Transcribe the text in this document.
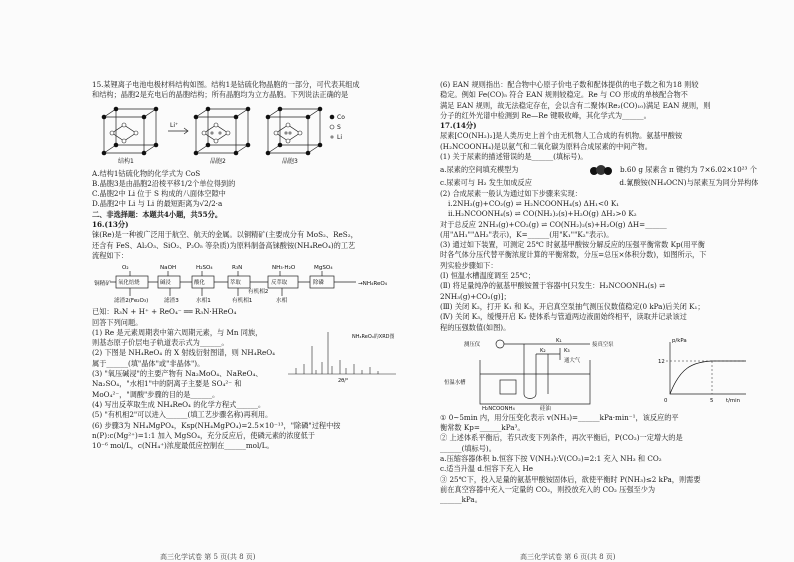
15.某锂离子电池电极材料结构如图。结构1是钴硫化物晶胞的一部分，可代表其组成
和结构；晶胞2是充电后的晶胞结构；所有晶胞均为立方晶胞。下列说法正确的是
Li⁺
结构1	晶胞2	晶胞3
Co
S
Li
A.结构1钴硫化物的化学式为 CoS
B.晶胞3是由晶胞2沿棱平移1/2个单位得到的
C.晶胞2中 Li 位于 S 构成的八面体空隙中
D.晶胞2中 Li 与 Li 的最短距离为√2/2·a
二、非选择题：本题共4小题，共55分。
16.(13分)
铼(Re)是一种被广泛用于航空、航天的金属。以铜精矿(主要成分有 MoS₂、ReS₂，
还含有 FeS、Al₂O₃、SiO₂、P₂O₅ 等杂质)为原料制备高铼酸铵(NH₄ReO₄)的工艺
流程如下：
铜精矿
O₂	NaOH	H₂SO₄	R₃N	NH₃·H₂O	MgSO₄
→NH₄ReO₄
滤渣2(Fe₂O₃)	滤渣3	水相1	有机相1	水相
有机相2
氧化焙烧	碱浸	酸化	萃取	反萃取	除磷
已知：R₃N + H⁺ + ReO₄⁻ ══ R₃N·HReO₄
回答下列问题。
(1) Re 是元素周期表中第六周期元素，与 Mn 同族，
则基态原子价层电子轨道表示式为______。
(2) 下图是 NH₄ReO₄ 的 X 射线衍射图谱，则 NH₄ReO₄
属于______(填"晶体"或"非晶体")。
(3) "氧压碱浸"的主要产物有 Na₂MoO₄、NaReO₄、
Na₂SO₄，"水相1"中的阴离子主要是 SO₄²⁻ 和
MoO₄²⁻，"调酸"步骤的目的是______。
(4) 写出反萃取生成 NH₄ReO₄ 的化学方程式______。
(5) "有机相2"可以进入______(填工艺步骤名称)再利用。
(6) 步骤3为 NH₄MgPO₄，Ksp(NH₄MgPO₄)=2.5×10⁻¹³，"除磷"过程中按
n(P):c(Mg²⁺)=1:1 加入 MgSO₄，充分反应后，使磷元素的浓度低于
10⁻⁶ mol/L，c(NH₄⁺)浓度最低应控制在______mol/L。
2θ/°
NH₄ReO₄的XRD图
(6) EAN 规则指出：配合物中心原子价电子数和配体提供的电子数之和为18 则较
稳定。例如 Fe(CO)₅ 符合 EAN 规则较稳定。Re 与 CO 形成的单核配合物不
满足 EAN 规则，故无法稳定存在，会以含有二聚体(Re₂(CO)₁₀)满足 EAN 规则，则
分子的红外光谱中检测到 Re—Re 键吸收峰，其化学式为______。
17.(14分)
尿素[CO(NH₂)₂]是人类历史上首个由无机物人工合成的有机物。氨基甲酸铵
(H₂NCOONH₄)是以氨气和二氧化碳为原料合成尿素的中间产物。
(1) 关于尿素的描述错误的是______(填标号)。
a.尿素的空间填充模型为	b.60 g 尿素含 π 键约为 7×6.02×10²³ 个
c.尿素可与 H₂ 发生加成反应	d.氰酸铵(NH₄OCN)与尿素互为同分异构体
(2) 合成尿素一般认为通过如下步骤来实现：
ⅰ.2NH₃(g)+CO₂(g) ⇌ H₂NCOONH₄(s) ΔH₁<0 K₁
ⅱ.H₂NCOONH₄(s) ⇌ CO(NH₂)₂(s)+H₂O(g) ΔH₂>0 K₂
对于总反应 2NH₃(g)+CO₂(g) ⇌ CO(NH₂)₂(s)+H₂O(g) ΔH=______
(用"ΔH₁""ΔH₂"表示)，K=______(用"K₁""K₂"表示)。
(3) 通过如下装置，可测定 25℃ 时氨基甲酸铵分解反应的压强平衡常数 Kp(用平衡
时各气体分压代替平衡浓度计算的平衡常数，分压=总压×体积分数)，如图所示，下
列实验步骤如下：
(Ⅰ) 恒温水槽温度调至 25℃；
(Ⅱ) 将足量纯净的氨基甲酸铵置于容器中[只发生：H₂NCOONH₄(s) ⇌
2NH₃(g)+CO₂(g)]；
(Ⅲ) 关闭 K₂，打开 K₁ 和 K₃，开启真空泵抽气测压仪数值稳定(0 kPa)后关闭 K₁；
(Ⅳ) 关闭 K₃，缓慢开启 K₂ 使体系与管道两边液面始终相平，读取并记录该过
程的压强数值(如图)。
测压仪	接真空泵
K₁
K₂	K₃
通大气
恒温水槽
H₂NCOONH₄	硅油
p/kPa
12
0	5 t/min
① 0~5min 内，用分压变化表示 v(NH₃)=______kPa·min⁻¹，该反应的平
衡常数 Kp=______kPa³。
② 上述体系平衡后，若只改变下列条件，再次平衡后，P(CO₂)一定增大的是
______(填标号)。
a.压缩容器体积 b.恒容下按 V(NH₃):V(CO₂)=2:1 充入 NH₃ 和 CO₂
c.适当升温 d.恒容下充入 He
③ 25℃下，投入足量的氨基甲酸铵固体后，欲使平衡时 P(NH₃)≤2 kPa，则需要
前在真空容器中充入一定量的 CO₂，则投放充入的 CO₂ 压强至少为
______kPa。
高三化学试卷 第 5 页(共 8 页)	高三化学试卷 第 6 页(共 8 页)
